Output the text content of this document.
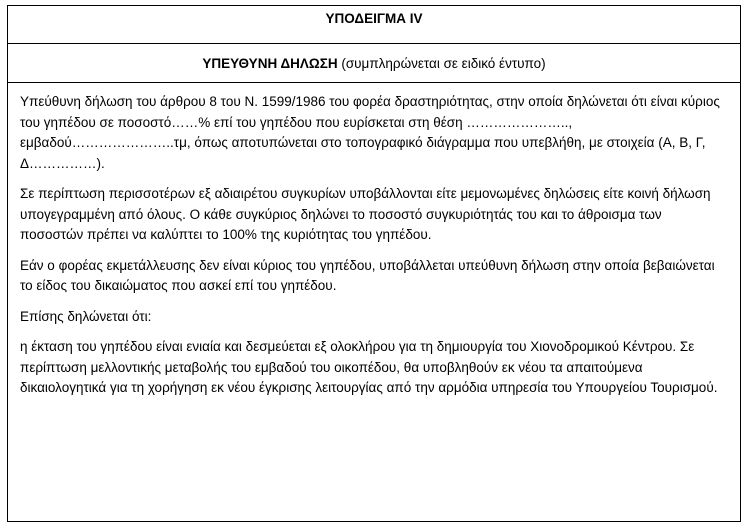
ΥΠΟΔΕΙΓΜΑ IV
ΥΠΕΥΘΥΝΗ ΔΗΛΩΣΗ (συμπληρώνεται σε ειδικό έντυπο)

Υπεύθυνη δήλωση του άρθρου 8 του Ν. 1599/1986 του φορέα δραστηριότητας, στην οποία δηλώνεται ότι είναι κύριος του γηπέδου σε ποσοστό……% επί του γηπέδου που ευρίσκεται στη θέση ………………….., εμβαδού…………………..τμ, όπως αποτυπώνεται στο τοπογραφικό διάγραμμα που υπεβλήθη, με στοιχεία (Α, Β, Γ, Δ……………).

Σε περίπτωση περισσοτέρων εξ αδιαιρέτου συγκυρίων υποβάλλονται είτε μεμονωμένες δηλώσεις είτε κοινή δήλωση υπογεγραμμένη από όλους. Ο κάθε συγκύριος δηλώνει το ποσοστό συγκυριότητάς του και το άθροισμα των ποσοστών πρέπει να καλύπτει το 100% της κυριότητας του γηπέδου.

Εάν ο φορέας εκμετάλλευσης δεν είναι κύριος του γηπέδου, υποβάλλεται υπεύθυνη δήλωση στην οποία βεβαιώνεται το είδος του δικαιώματος που ασκεί επί του γηπέδου.

Επίσης δηλώνεται ότι:

η έκταση του γηπέδου είναι ενιαία και δεσμεύεται εξ ολοκλήρου για τη δημιουργία του Χιονοδρομικού Κέντρου. Σε περίπτωση μελλοντικής μεταβολής του εμβαδού του οικοπέδου, θα υποβληθούν εκ νέου τα απαιτούμενα δικαιολογητικά για τη χορήγηση εκ νέου έγκρισης λειτουργίας από την αρμόδια υπηρεσία του Υπουργείου Τουρισμού.
